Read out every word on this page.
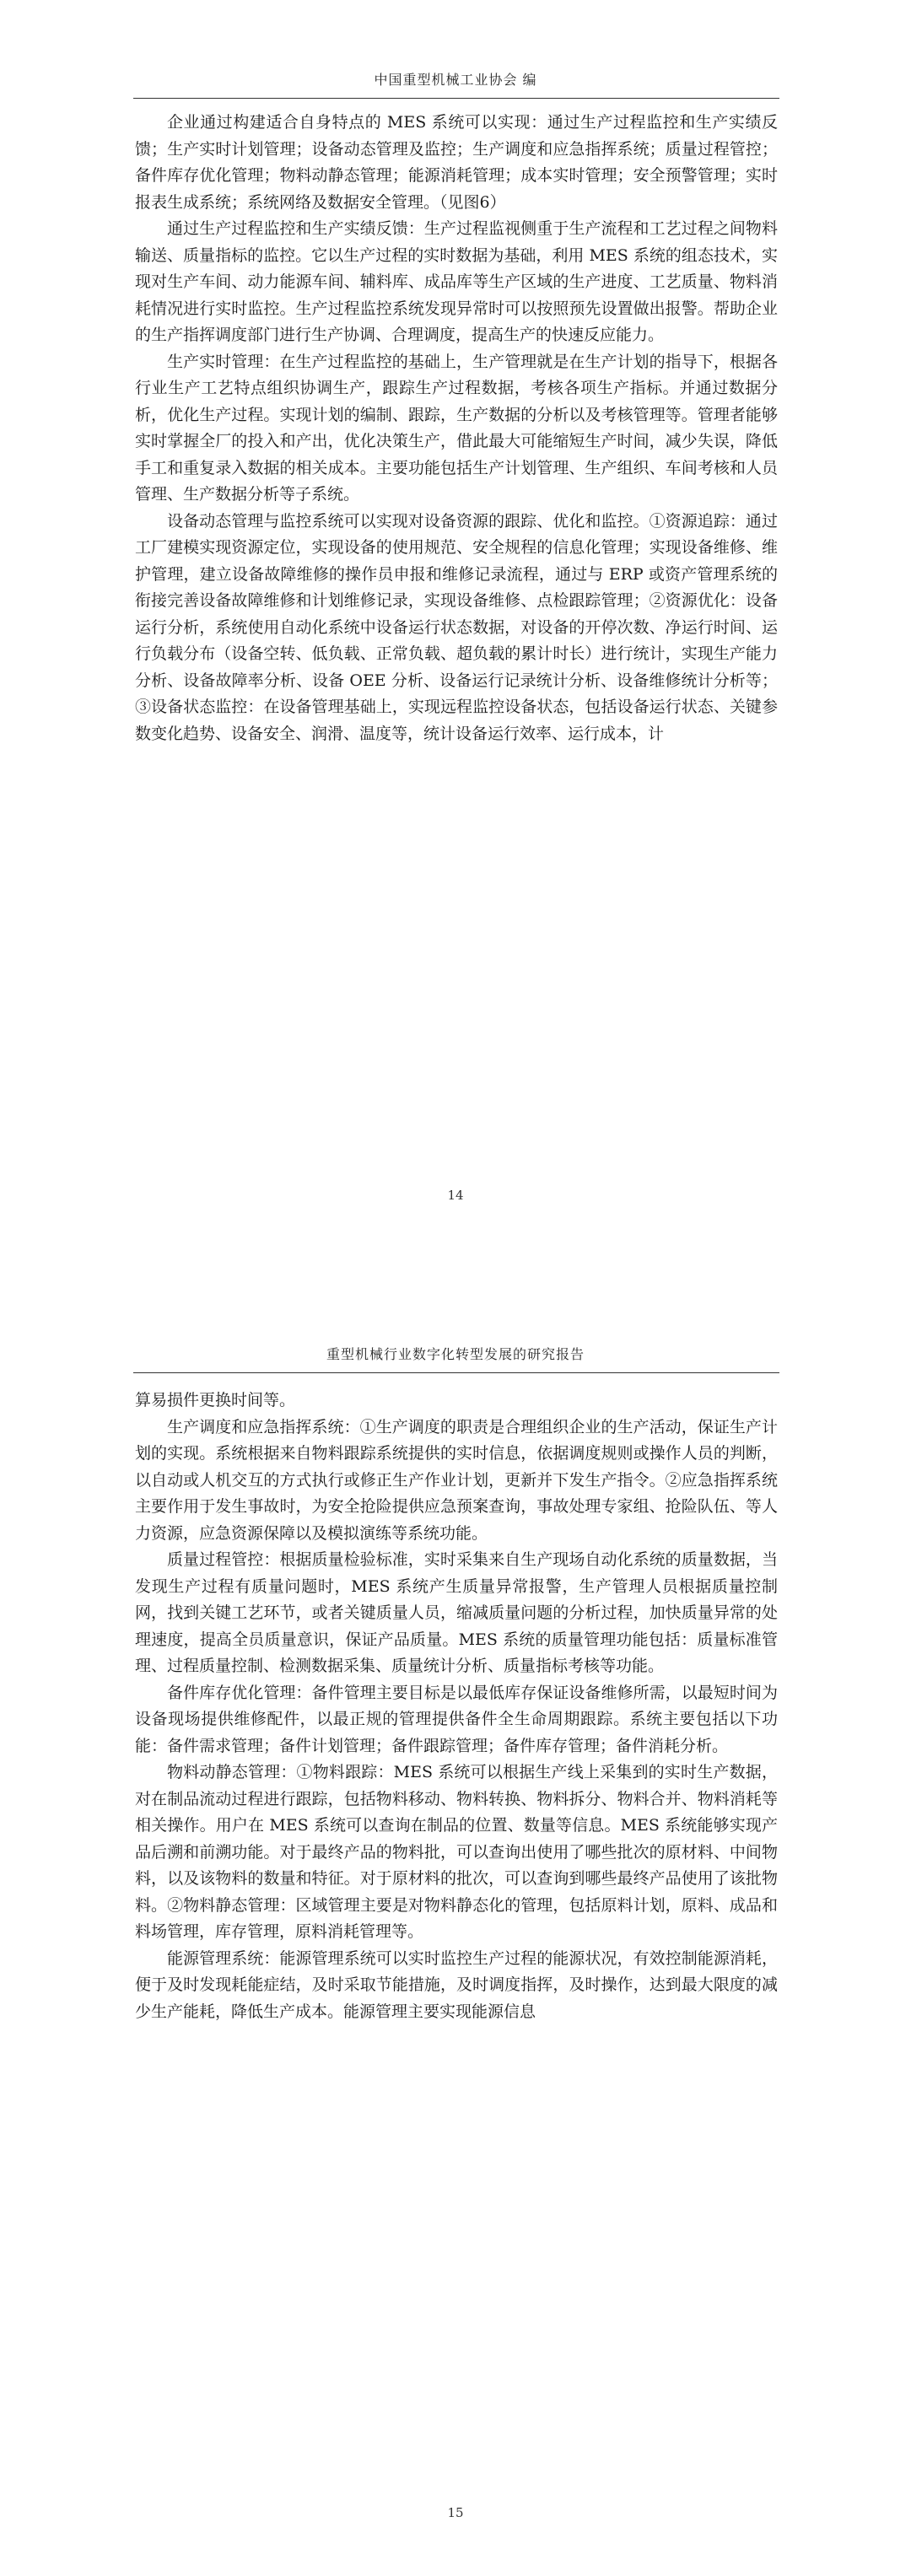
中国重型机械工业协会 编

企业通过构建适合自身特点的 MES 系统可以实现：通过生产过程监控和生产实绩反馈；生产实时计划管理；设备动态管理及监控；生产调度和应急指挥系统；质量过程管控；备件库存优化管理；物料动静态管理；能源消耗管理；成本实时管理；安全预警管理；实时报表生成系统；系统网络及数据安全管理。（见图6）

通过生产过程监控和生产实绩反馈：生产过程监视侧重于生产流程和工艺过程之间物料输送、质量指标的监控。它以生产过程的实时数据为基础，利用 MES 系统的组态技术，实现对生产车间、动力能源车间、辅料库、成品库等生产区域的生产进度、工艺质量、物料消耗情况进行实时监控。生产过程监控系统发现异常时可以按照预先设置做出报警。帮助企业的生产指挥调度部门进行生产协调、合理调度，提高生产的快速反应能力。

生产实时管理：在生产过程监控的基础上，生产管理就是在生产计划的指导下，根据各行业生产工艺特点组织协调生产，跟踪生产过程数据，考核各项生产指标。并通过数据分析，优化生产过程。实现计划的编制、跟踪，生产数据的分析以及考核管理等。管理者能够实时掌握全厂的投入和产出，优化决策生产，借此最大可能缩短生产时间，减少失误，降低手工和重复录入数据的相关成本。主要功能包括生产计划管理、生产组织、车间考核和人员管理、生产数据分析等子系统。

设备动态管理与监控系统可以实现对设备资源的跟踪、优化和监控。①资源追踪：通过工厂建模实现资源定位，实现设备的使用规范、安全规程的信息化管理；实现设备维修、维护管理，建立设备故障维修的操作员申报和维修记录流程，通过与 ERP 或资产管理系统的衔接完善设备故障维修和计划维修记录，实现设备维修、点检跟踪管理；②资源优化：设备运行分析，系统使用自动化系统中设备运行状态数据，对设备的开停次数、净运行时间、运行负载分布（设备空转、低负载、正常负载、超负载的累计时长）进行统计，实现生产能力分析、设备故障率分析、设备 OEE 分析、设备运行记录统计分析、设备维修统计分析等；③设备状态监控：在设备管理基础上，实现远程监控设备状态，包括设备运行状态、关键参数变化趋势、设备安全、润滑、温度等，统计设备运行效率、运行成本，计

14
重型机械行业数字化转型发展的研究报告

算易损件更换时间等。

生产调度和应急指挥系统：①生产调度的职责是合理组织企业的生产活动，保证生产计划的实现。系统根据来自物料跟踪系统提供的实时信息，依据调度规则或操作人员的判断，以自动或人机交互的方式执行或修正生产作业计划，更新并下发生产指令。②应急指挥系统主要作用于发生事故时，为安全抢险提供应急预案查询，事故处理专家组、抢险队伍、等人力资源，应急资源保障以及模拟演练等系统功能。

质量过程管控：根据质量检验标准，实时采集来自生产现场自动化系统的质量数据，当发现生产过程有质量问题时，MES 系统产生质量异常报警，生产管理人员根据质量控制网，找到关键工艺环节，或者关键质量人员，缩减质量问题的分析过程，加快质量异常的处理速度，提高全员质量意识，保证产品质量。MES 系统的质量管理功能包括：质量标准管理、过程质量控制、检测数据采集、质量统计分析、质量指标考核等功能。

备件库存优化管理：备件管理主要目标是以最低库存保证设备维修所需，以最短时间为设备现场提供维修配件，以最正规的管理提供备件全生命周期跟踪。系统主要包括以下功能：备件需求管理；备件计划管理；备件跟踪管理；备件库存管理；备件消耗分析。

物料动静态管理：①物料跟踪：MES 系统可以根据生产线上采集到的实时生产数据，对在制品流动过程进行跟踪，包括物料移动、物料转换、物料拆分、物料合并、物料消耗等相关操作。用户在 MES 系统可以查询在制品的位置、数量等信息。MES 系统能够实现产品后溯和前溯功能。对于最终产品的物料批，可以查询出使用了哪些批次的原材料、中间物料，以及该物料的数量和特征。对于原材料的批次，可以查询到哪些最终产品使用了该批物料。②物料静态管理：区域管理主要是对物料静态化的管理，包括原料计划，原料、成品和料场管理，库存管理，原料消耗管理等。

能源管理系统：能源管理系统可以实时监控生产过程的能源状况，有效控制能源消耗，便于及时发现耗能症结，及时采取节能措施，及时调度指挥，及时操作，达到最大限度的减少生产能耗，降低生产成本。能源管理主要实现能源信息

15
